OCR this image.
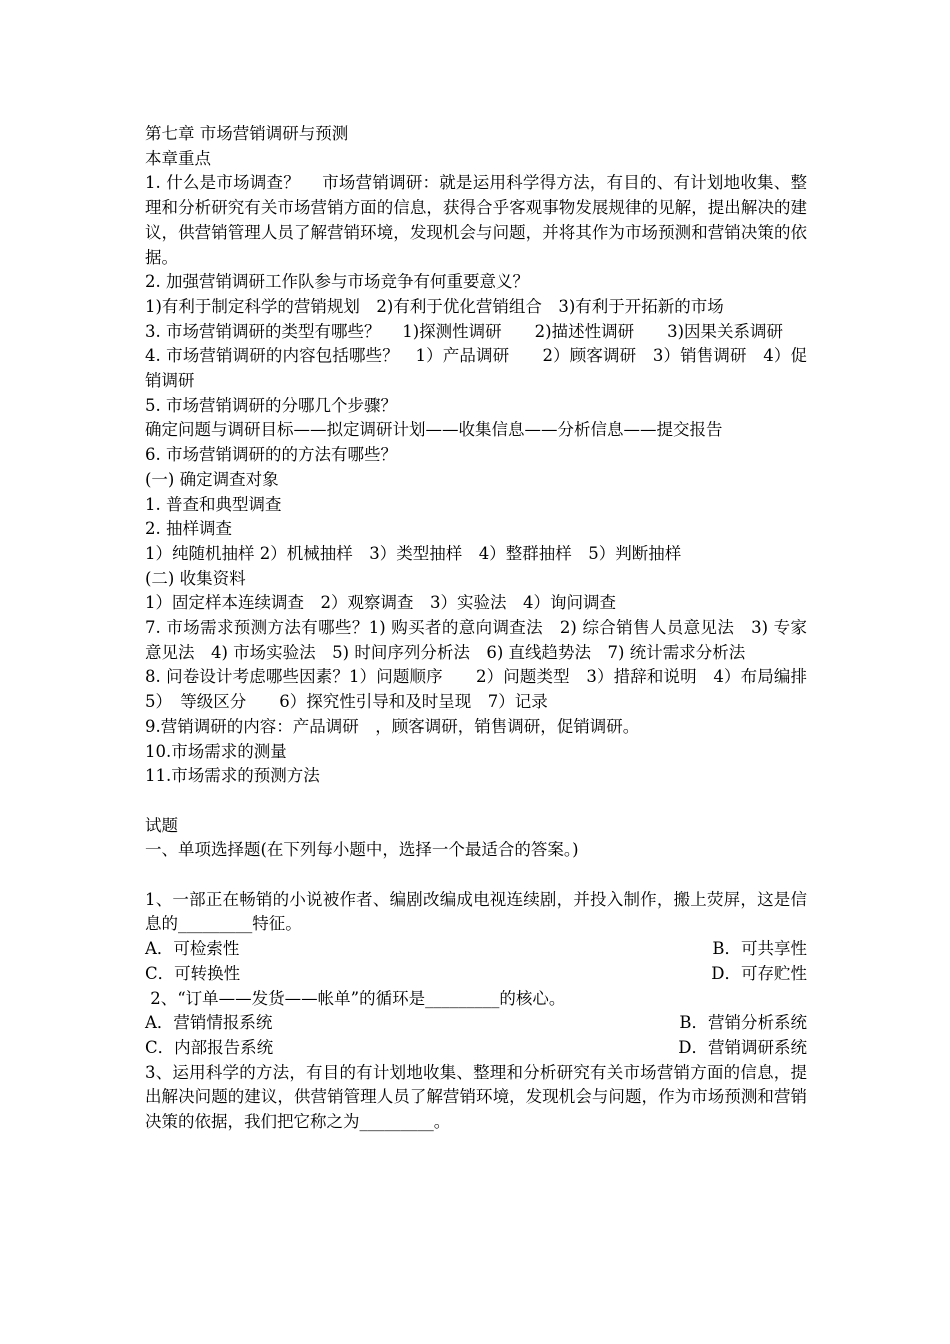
第七章 市场营销调研与预测
本章重点
1. 什么是市场调查？　 市场营销调研：就是运用科学得方法，有目的、有计划地收集、整理和分析研究有关市场营销方面的信息，获得合乎客观事物发展规律的见解，提出解决的建议，供营销管理人员了解营销环境，发现机会与问题，并将其作为市场预测和营销决策的依据。
2. 加强营销调研工作队参与市场竞争有何重要意义？
1)有利于制定科学的营销规划　2)有利于优化营销组合　3)有利于开拓新的市场
3. 市场营销调研的类型有哪些？　 1)探测性调研　　2)描述性调研　　3)因果关系调研
4. 市场营销调研的内容包括哪些？　1）产品调研　　2）顾客调研　3）销售调研　4）促销调研
5. 市场营销调研的分哪几个步骤？
确定问题与调研目标——拟定调研计划——收集信息——分析信息——提交报告
6. 市场营销调研的的方法有哪些？
(一) 确定调查对象
1. 普查和典型调查
2. 抽样调查
1）纯随机抽样 2）机械抽样　3）类型抽样　4）整群抽样　5）判断抽样
(二) 收集资料
1）固定样本连续调查　2）观察调查　3）实验法　4）询问调查
7. 市场需求预测方法有哪些？1) 购买者的意向调查法　2) 综合销售人员意见法　3) 专家意见法　4) 市场实验法　5) 时间序列分析法　6) 直线趋势法　7) 统计需求分析法
8. 问卷设计考虑哪些因素？1）问题顺序　　2）问题类型　3）措辞和说明　4）布局编排　5）　等级区分　　6）探究性引导和及时呈现　7）记录
9.营销调研的内容：产品调研　，顾客调研，销售调研，促销调研。
10.市场需求的测量
11.市场需求的预测方法
试题
一、单项选择题(在下列每小题中，选择一个最适合的答案。)
1、一部正在畅销的小说被作者、编剧改编成电视连续剧，并投入制作，搬上荧屏，这是信息的_________特征。
A．可检索性	B．可共享性
C．可转换性	D．可存贮性
2、“订单——发货——帐单”的循环是_________的核心。
A．营销情报系统	B．营销分析系统
C．内部报告系统	D．营销调研系统
3、运用科学的方法，有目的有计划地收集、整理和分析研究有关市场营销方面的信息，提出解决问题的建议，供营销管理人员了解营销环境，发现机会与问题，作为市场预测和营销决策的依据，我们把它称之为_________。
